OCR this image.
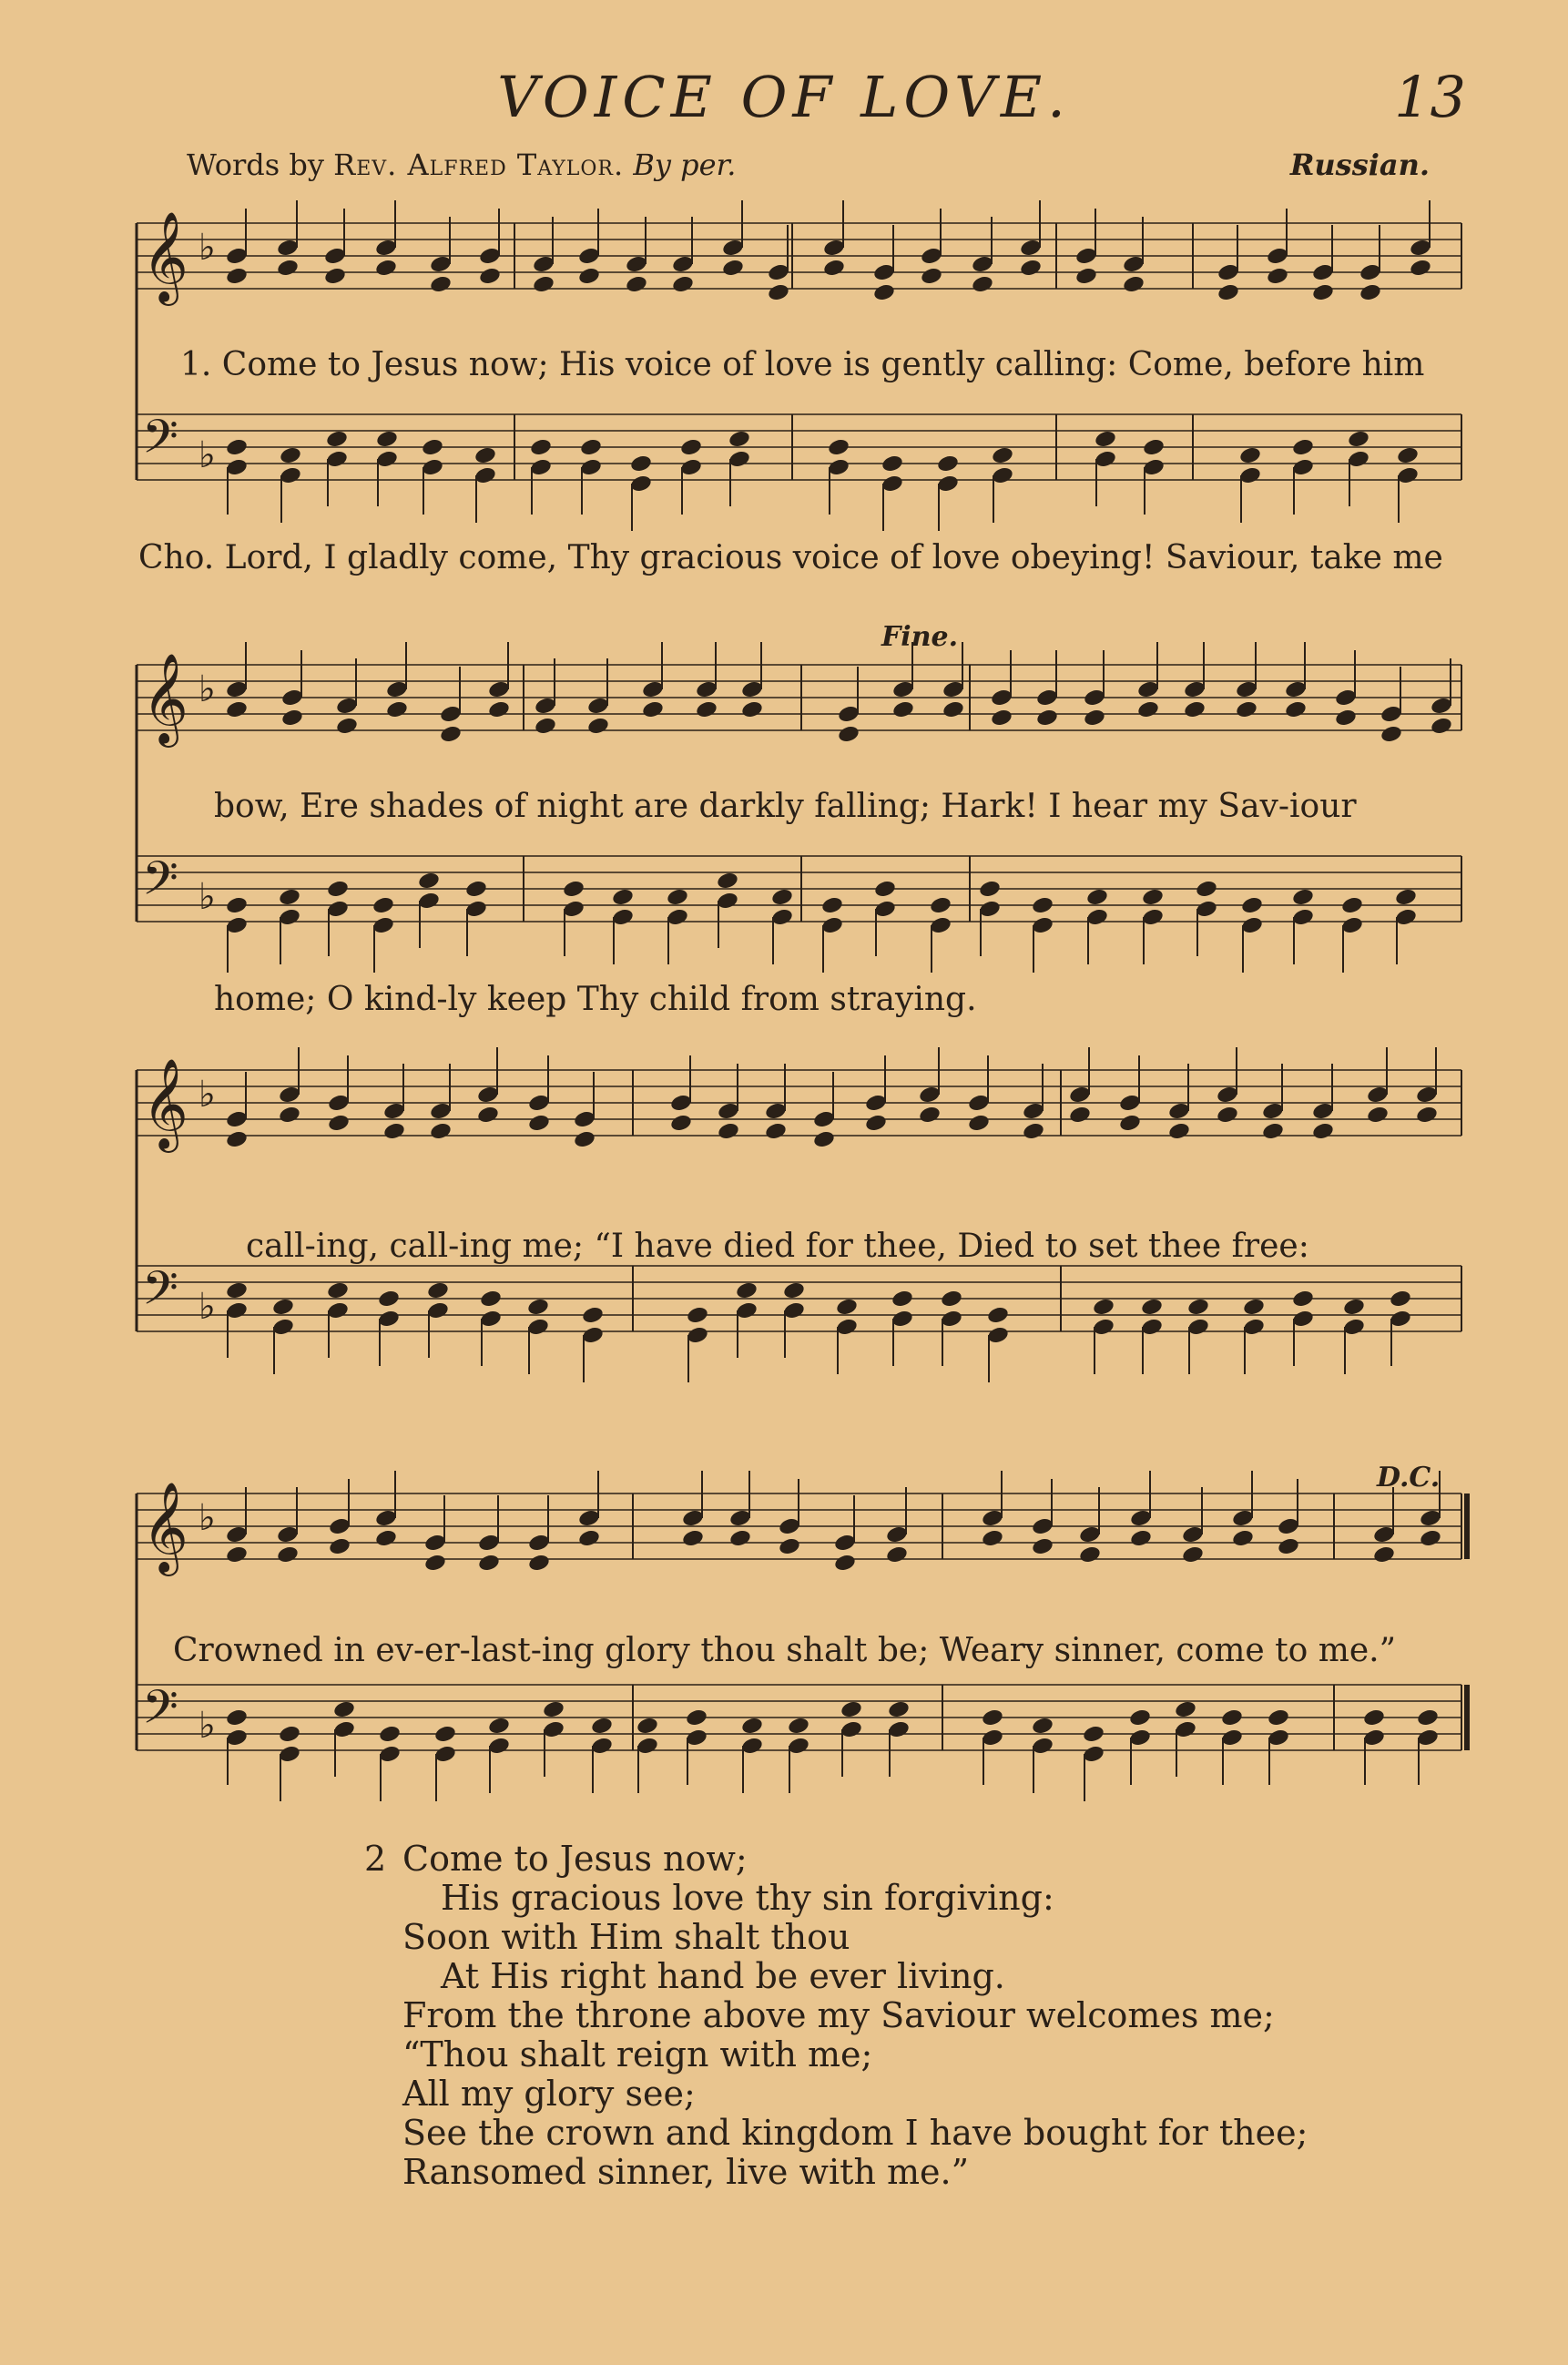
VOICE OF LOVE.	13
Words by Rev. Alfred Taylor. By per.	Russian.
𝄞 ♭
𝄢 ♭
𝄞 ♭
𝄢 ♭
𝄞 ♭
𝄢 ♭
𝄞 ♭
𝄢 ♭
1. Come to Jesus now; His voice of love is gently calling: Come, before him
Cho. Lord, I gladly come, Thy gracious voice of love obeying! Saviour, take me
Fine.
bow, Ere shades of night are darkly falling; Hark! I hear my Sav-iour
home; O kind-ly keep Thy child from straying.
call-ing, call-ing me; “I have died for thee, Died to set thee free:
D.C.
Crowned in ev-er-last-ing glory thou shalt be; Weary sinner, come to me.”
2 Come to Jesus now;
His gracious love thy sin forgiving:
Soon with Him shalt thou
At His right hand be ever living.
From the throne above my Saviour welcomes me;
“Thou shalt reign with me;
All my glory see;
See the crown and kingdom I have bought for thee;
Ransomed sinner, live with me.”
